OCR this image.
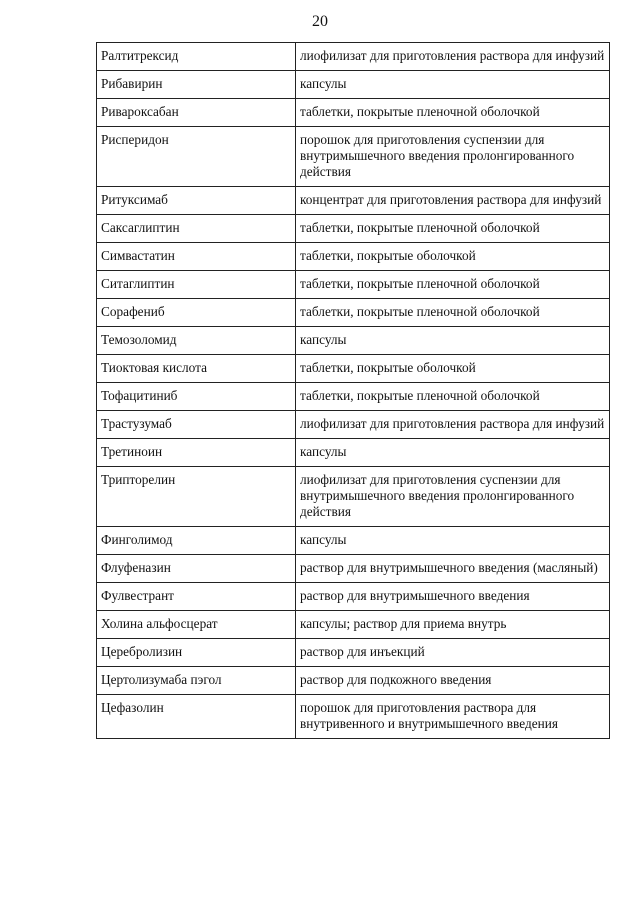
20
Ралтитрексид	лиофилизат для приготовления раствора для инфузий
Рибавирин	капсулы
Ривароксабан	таблетки, покрытые пленочной оболочкой
Рисперидон	порошок для приготовления суспензии для внутримышечного введения пролонгированного действия
Ритуксимаб	концентрат для приготовления раствора для инфузий
Саксаглиптин	таблетки, покрытые пленочной оболочкой
Симвастатин	таблетки, покрытые оболочкой
Ситаглиптин	таблетки, покрытые пленочной оболочкой
Сорафениб	таблетки, покрытые пленочной оболочкой
Темозоломид	капсулы
Тиоктовая кислота	таблетки, покрытые оболочкой
Тофацитиниб	таблетки, покрытые пленочной оболочкой
Трастузумаб	лиофилизат для приготовления раствора для инфузий
Третиноин	капсулы
Трипторелин	лиофилизат для приготовления суспензии для внутримышечного введения пролонгированного действия
Финголимод	капсулы
Флуфеназин	раствор для внутримышечного введения (масляный)
Фулвестрант	раствор для внутримышечного введения
Холина альфосцерат	капсулы; раствор для приема внутрь
Церебролизин	раствор для инъекций
Цертолизумаба пэгол	раствор для подкожного введения
Цефазолин	порошок для приготовления раствора для внутривенного и внутримышечного введения
